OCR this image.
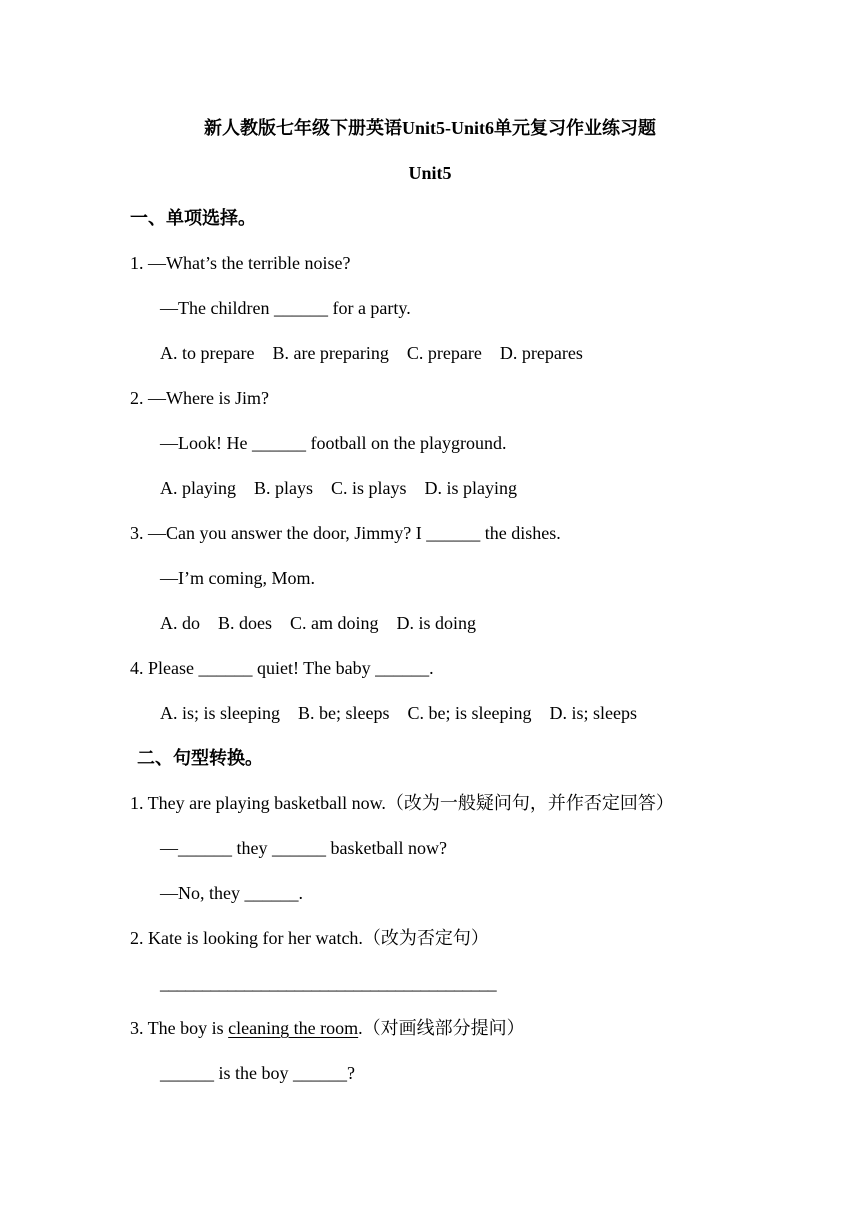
新人教版七年级下册英语Unit5-Unit6单元复习作业练习题
Unit5
一、单项选择。
1. —What’s the terrible noise?
—The children ______ for a party.
A. to prepare    B. are preparing    C. prepare    D. prepares
2. —Where is Jim?
—Look! He ______ football on the playground.
A. playing    B. plays    C. is plays    D. is playing
3. —Can you answer the door, Jimmy? I ______ the dishes.
—I’m coming, Mom.
A. do    B. does    C. am doing    D. is doing
4. Please ______ quiet! The baby ______.
A. is; is sleeping    B. be; sleeps    C. be; is sleeping    D. is; sleeps
二、句型转换。
1. They are playing basketball now.（改为一般疑问句，并作否定回答）
—______ they ______ basketball now?
—No, they ______.
2. Kate is looking for her watch.（改为否定句）
________________________________________
3. The boy is cleaning the room.（对画线部分提问）
______ is the boy ______?
